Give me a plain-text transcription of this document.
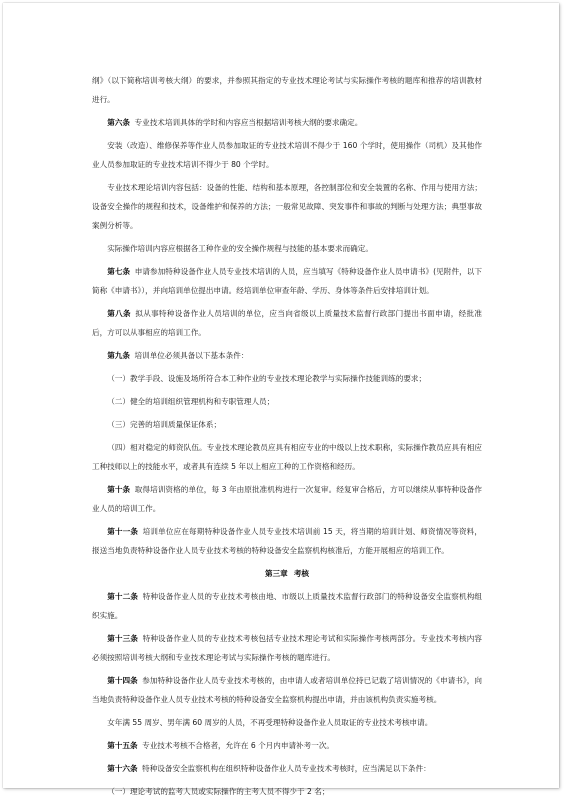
纲》（以下简称培训考核大纲）的要求，并参照其指定的专业技术理论考试与实际操作考核的题库和推荐的培训教材进行。

第六条 专业技术培训具体的学时和内容应当根据培训考核大纲的要求确定。

安装（改造）、维修保养等作业人员参加取证的专业技术培训不得少于 160 个学时，使用操作（司机）及其他作业人员参加取证的专业技术培训不得少于 80 个学时。

专业技术理论培训内容包括：设备的性能、结构和基本原理，各控制部位和安全装置的名称、作用与使用方法；设备安全操作的规程和技术，设备维护和保养的方法；一般常见故障、突发事件和事故的判断与处理方法；典型事故案例分析等。

实际操作培训内容应根据各工种作业的安全操作规程与技能的基本要求而确定。

第七条 申请参加特种设备作业人员专业技术培训的人员，应当填写《特种设备作业人员申请书》(见附件，以下简称《申请书》），并向培训单位提出申请。经培训单位审查年龄、学历、身体等条件后安排培训计划。

第八条 拟从事特种设备作业人员培训的单位，应当向省级以上质量技术监督行政部门提出书面申请，经批准后，方可以从事相应的培训工作。

第九条 培训单位必须具备以下基本条件：

（一）教学手段、设施及场所符合本工种作业的专业技术理论教学与实际操作技能训练的要求；

（二）健全的培训组织管理机构和专职管理人员；

（三）完善的培训质量保证体系；

（四）相对稳定的师资队伍。专业技术理论教员应具有相应专业的中级以上技术职称，实际操作教员应具有相应工种技师以上的技能水平，或者具有连续 5 年以上相应工种的工作资格和经历。

第十条 取得培训资格的单位，每 3 年由原批准机构进行一次复审。经复审合格后，方可以继续从事特种设备作业人员的培训工作。

第十一条 培训单位应在每期特种设备作业人员专业技术培训前 15 天，将当期的培训计划、师资情况等资料，报送当地负责特种设备作业人员专业技术考核的特种设备安全监察机构核准后，方能开展相应的培训工作。

第三章 考核

第十二条 特种设备作业人员的专业技术考核由地、市级以上质量技术监督行政部门的特种设备安全监察机构组织实施。

第十三条 特种设备作业人员的专业技术考核包括专业技术理论考试和实际操作考核两部分。专业技术考核内容必须按照培训考核大纲和专业技术理论考试与实际操作考核的题库进行。

第十四条 参加特种设备作业人员专业技术考核的，由申请人或者培训单位持已记载了培训情况的《申请书》，向当地负责特种设备作业人员专业技术考核的特种设备安全监察机构提出申请，并由该机构负责实施考核。

女年满 55 周岁、男年满 60 周岁的人员，不再受理特种设备作业人员取证的专业技术考核申请。

第十五条 专业技术考核不合格者，允许在 6 个月内申请补考一次。

第十六条 特种设备安全监察机构在组织特种设备作业人员专业技术考核时，应当满足以下条件：

（一）理论考试的监考人员或实际操作的主考人员不得少于 2 名；
